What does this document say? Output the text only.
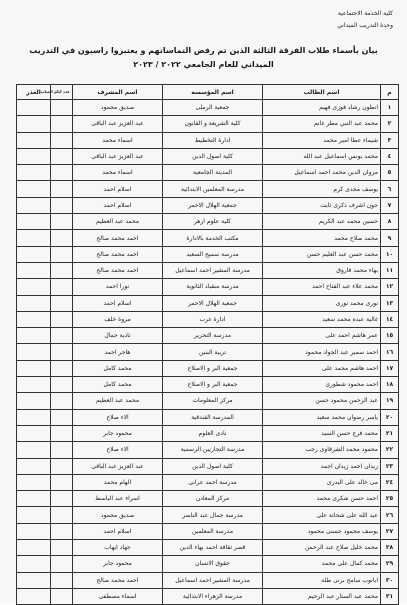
كلية الخدمة الاجتماعية
وحدة التدريب الميداني
بيان بأسماء طلاب الفرقة الثالثة الذين تم رفض التماساتهم و يعتبروا راسبون في التدريب
الميداني للعام الجامعي ٢٠٢٢ / ٢٠٢٣
م	اسم الطالب	اسم المؤسسه	اسم المشرف	عدد ايام الغياب	العذر
١	انطون رشاد فوزى فهيم	جمعية الرملى	صديق محمود		
٢	محمد عبد النبي مطر غانم	كلية الشريعة و القانون	عبد العزيز عبد الباقى		
٣	شيماء عطا امير محمد	ادارة التخطيط	اسماء محمد		
٤	محمد يونس اسماعيل عبد الله	كلية اصول الدين	عبد العزيز عبد الباقى		
٥	مروان الدين محمد احمد اسماعيل	المدينة الجامعية	اسماء محمد		
٦	يوسف مجدى كرم	مدرسة المعلمين الابتدائية	اسلام احمد		
٧	جون اشرف ذكرى ثابت	جمعية الهلال الاحمر	اسلام احمد		
٨	حسين محمد عبد الكريم	كلية علوم ازهر	محمد عبد العظيم		
٩	محمد صلاح محمد	مكتب الخدمة بالادارة	احمد محمد صالح		
١٠	محمد حسن عبد العليم حسن	مدرسة سميح السعيد	احمد محمد صالح		
١١	بهاء محمد فاروق	مدرسة المشير احمد اسماعيل	احمد محمد صالح		
١٢	محمد علاء عبد الفتاح احمد	مدرسة منقباد الثانوية	نورا احمد		
١٣	نورى محمد نورى	جمعية الهلال الاحمر	اسلام احمد		
١٤	غالية عبده محمد سعيد	ادارة غرب	مروة خلف		
١٥	عمر هاشم احمد على	مدرسة التحرير	نادية جمال		
١٦	احمد سمير عبد الجواد محمود	تربية البنين	هاجر احمد		
١٧	احمد هاشم محمد على	جمعية البر و الاصلاح	محمد كامل		
١٨	احمد محمود شطورى	جمعية البر و الاصلاح	محمد كامل		
١٩	عبد الرحمن محمود حسن	مركز المعلومات	محمد عبد العظيم		
٢٠	ياسر رضوان محمد سعيد	المدرسة الفندقية	الاء صلاح		
٢١	محمد فرج حسن السيد	نادى العلوم	محمود جابر		
٢٢	محمود محمد الشرقاوى رجب	مدرسة التجاريين الرسمية	الاء صلاح		
٢٣	زيدان احمد زيدان احمد	كلية اصول الدين	عبد العزيز عبد الباقى		
٢٤	مى خالد على البدرى	مدرسة احمد عرابى	الهام محمد		
٢٥	احمد حسن شكرى محمد	مركز المعادن	اسراء عبد الباسط		
٢٦	عبد الله على شحاتة على	مدرسة جمال عبد الناصر	صديق محمود		
٢٧	يوسف محمود حسنى محمود	مدرسة المعلمين	اسلام احمد		
٢٨	محمد خليل صلاح عبد الرحمن	قصر ثقافة احمد بهاء الدين	جهاد ايهاب		
٢٩	محمد كمال على محمد	حقوق الانسان	محمود جابر		
٣٠	ابانوب سامح برنى طلة	مدرسة المشير احمد اسماعيل	احمد محمد صالح		
٣١	محمد عبد الستار عبد الرحيم	مدرسة الزهراء الابتدائية	اسماء مصطفى		
